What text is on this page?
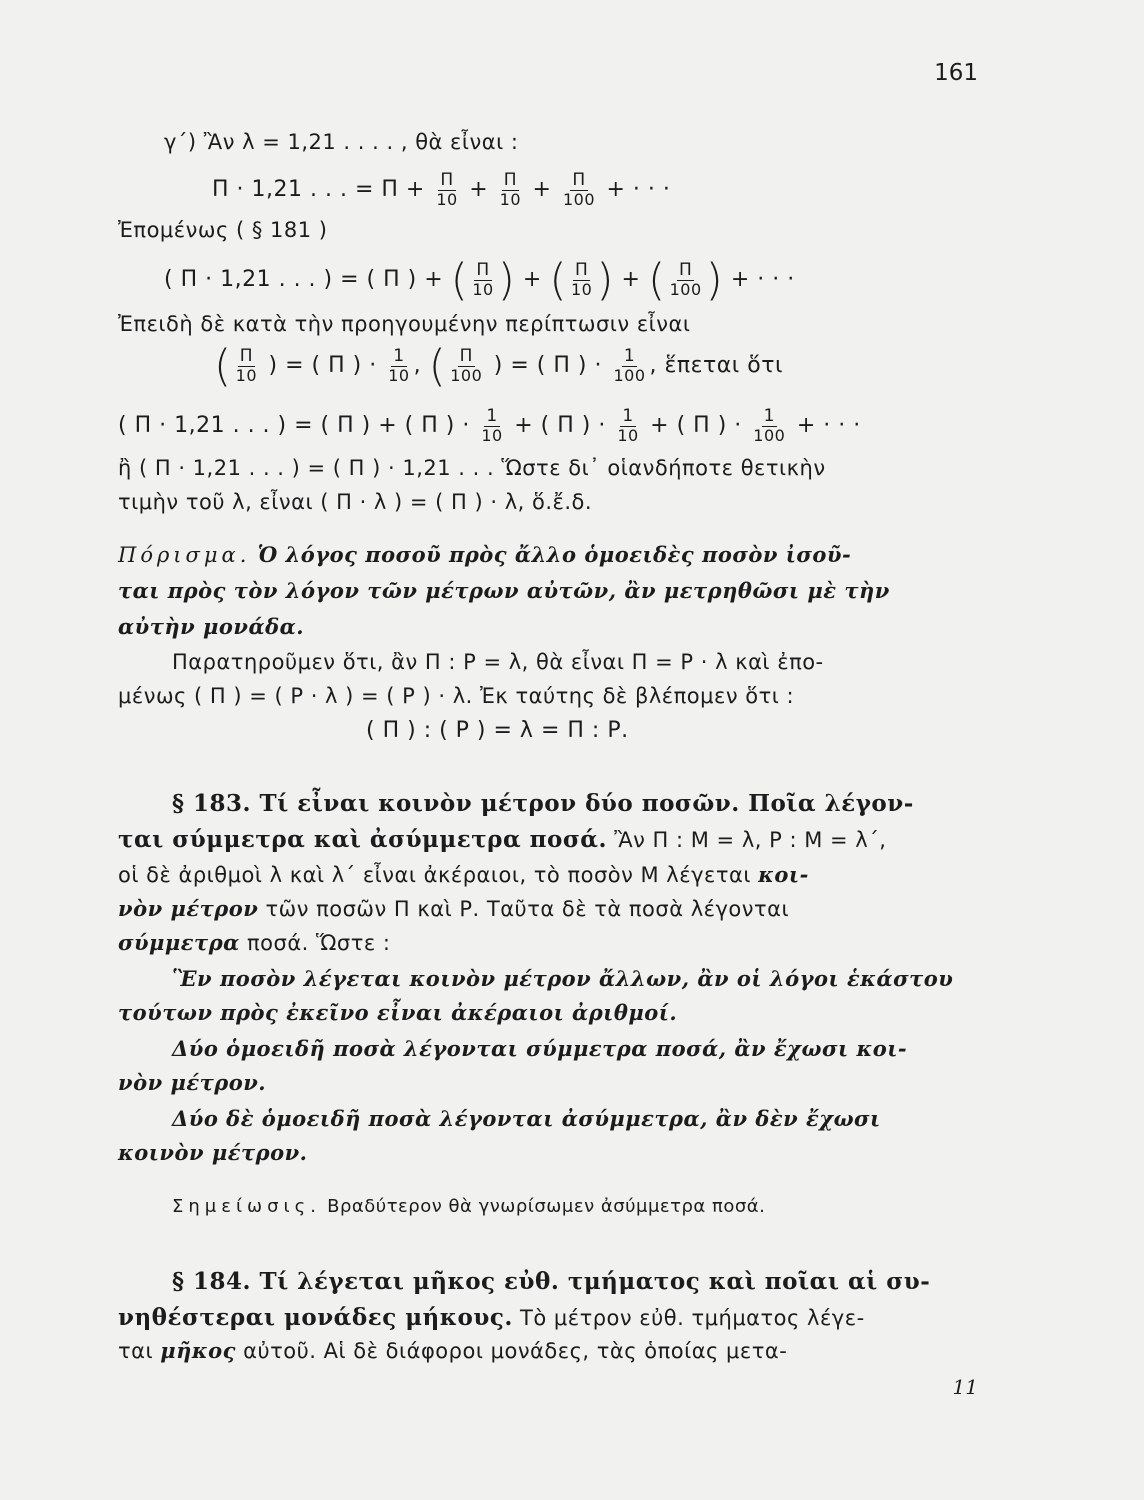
161
γ΄) Ἂν λ = 1,21 . . . . , θὰ εἶναι :
Π · 1,21 . . . = $\Pi + \frac{\Pi}{10} + \frac{\Pi}{10} + \frac{\Pi}{100}$ + · · ·
Ἐπομένως ( § 181 )
( Π · 1,21 . . . ) = ( Π ) + ( $\frac{\Pi}{10}$ ) + ( $\frac{\Pi}{10}$ ) + ( $\frac{\Pi}{100}$ ) + · · ·
Ἐπειδὴ δὲ κατὰ τὴν προηγουμένην περίπτωσιν εἶναι
( $\frac{\Pi}{10}$ ) = ( Π ) · $\frac{1}{10}$ , ( $\frac{\Pi}{100}$ ) = ( Π ) · $\frac{1}{100}$ , ἕπεται ὅτι
( Π · 1,21 . . . ) = ( Π ) + ( Π ) · $\frac{1}{10}$ + ( Π ) · $\frac{1}{10}$ + ( Π ) · $\frac{1}{100}$ + · · ·
ἢ ( Π · 1,21 . . . ) = ( Π ) · 1,21 . . . Ὥστε δι᾽ οἱανδήποτε θετικὴν
τιμὴν τοῦ λ, εἶναι ( Π · λ ) = ( Π ) · λ, ὅ.ἔ.δ.
Πόρισμα. Ὁ λόγος ποσοῦ πρὸς ἄλλο ὁμοειδὲς ποσὸν ἰσοῦ-
ται πρὸς τὸν λόγον τῶν μέτρων αὐτῶν, ἂν μετρηθῶσι μὲ τὴν
αὐτὴν μονάδα.
Παρατηροῦμεν ὅτι, ἂν Π : Ρ = λ, θὰ εἶναι Π = Ρ · λ καὶ ἐπο-
μένως ( Π ) = ( Ρ · λ ) = ( Ρ ) · λ. Ἐκ ταύτης δὲ βλέπομεν ὅτι :
( Π ) : ( Ρ ) = λ = Π : Ρ.
§ 183. Τί εἶναι κοινὸν μέτρον δύο ποσῶν. Ποῖα λέγον-
ται σύμμετρα καὶ ἀσύμμετρα ποσά. Ἂν Π : Μ = λ, Ρ : Μ = λ΄,
οἱ δὲ ἀριθμοὶ λ καὶ λ΄ εἶναι ἀκέραιοι, τὸ ποσὸν Μ λέγεται κοι-
νὸν μέτρον τῶν ποσῶν Π καὶ Ρ. Ταῦτα δὲ τὰ ποσὰ λέγονται
σύμμετρα ποσά. Ὥστε :
Ἓν ποσὸν λέγεται κοινὸν μέτρον ἄλλων, ἂν οἱ λόγοι ἑκάστου
τούτων πρὸς ἐκεῖνο εἶναι ἀκέραιοι ἀριθμοί.
Δύο ὁμοειδῆ ποσὰ λέγονται σύμμετρα ποσά, ἂν ἔχωσι κοι-
νὸν μέτρον.
Δύο δὲ ὁμοειδῆ ποσὰ λέγονται ἀσύμμετρα, ἂν δὲν ἔχωσι
κοινὸν μέτρον.
Σημείωσις. Βραδύτερον θὰ γνωρίσωμεν ἀσύμμετρα ποσά.
§ 184. Τί λέγεται μῆκος εὐθ. τμήματος καὶ ποῖαι αἱ συ-
νηθέστεραι μονάδες μήκους. Τὸ μέτρον εὐθ. τμήματος λέγε-
ται μῆκος αὐτοῦ. Αἱ δὲ διάφοροι μονάδες, τὰς ὁποίας μετα-
11
